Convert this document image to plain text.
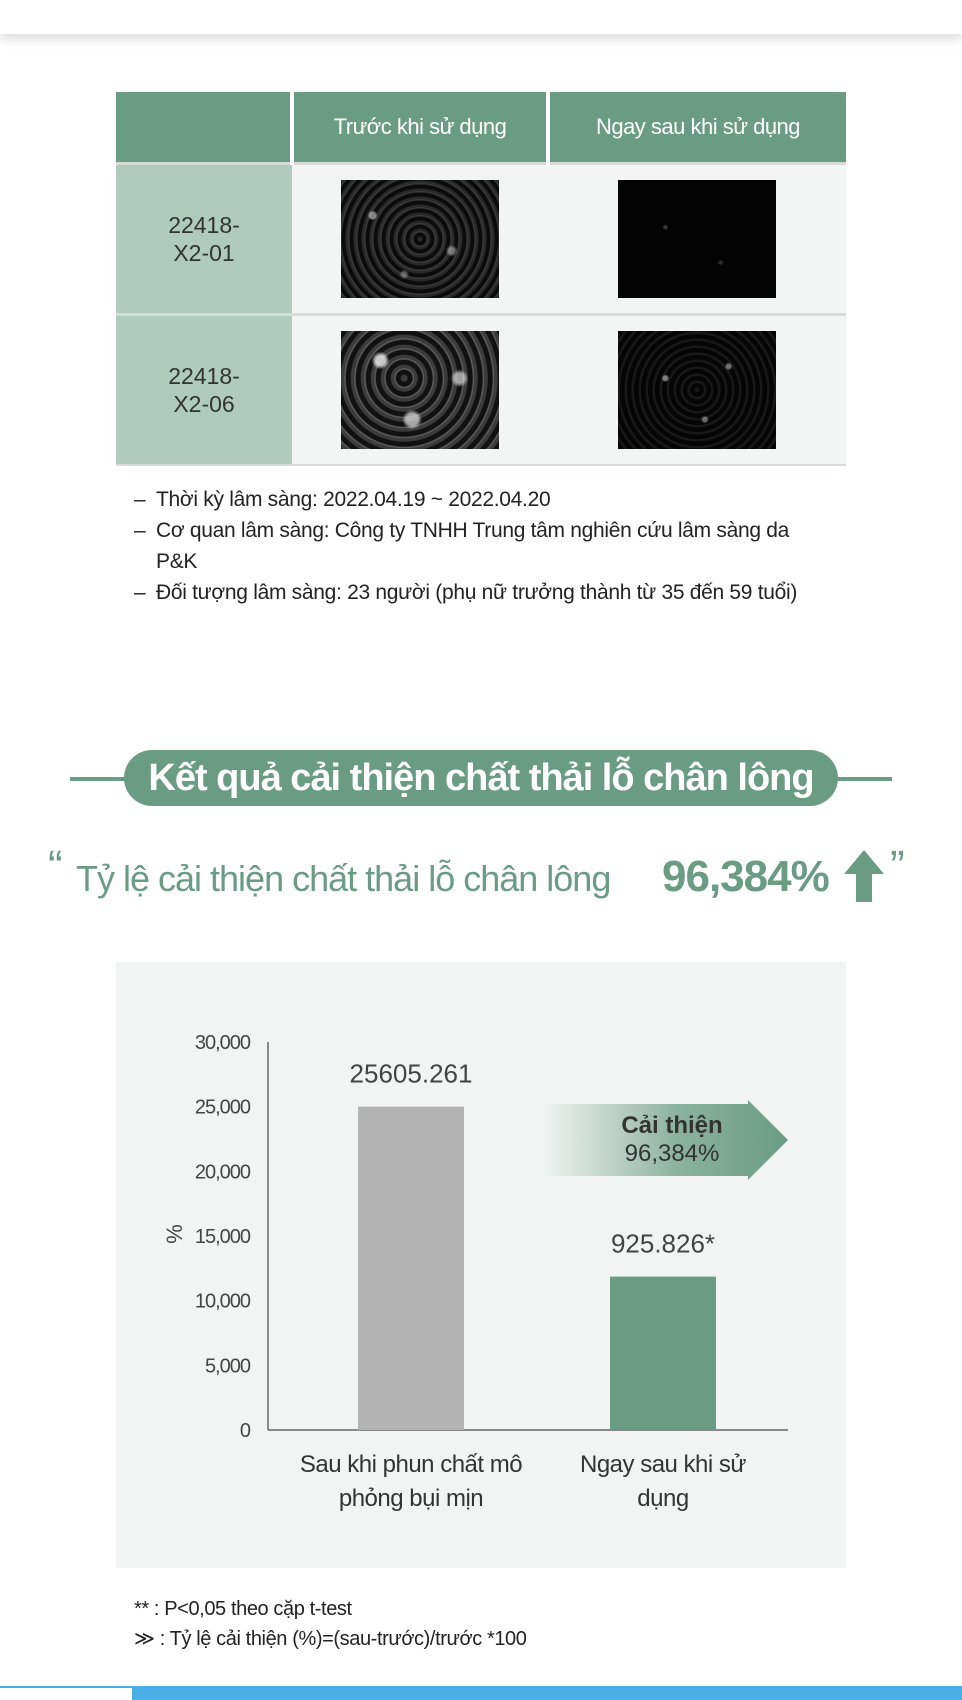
	Trước khi sử dụng	Ngay sau khi sử dụng
22418-
X2-01		
22418-
X2-06		
– Thời kỳ lâm sàng: 2022.04.19 ~ 2022.04.20
– Cơ quan lâm sàng: Công ty TNHH Trung tâm nghiên cứu lâm sàng da P&K
– Đối tượng lâm sàng: 23 người (phụ nữ trưởng thành từ 35 đến 59 tuổi)
Kết quả cải thiện chất thải lỗ chân lông
“ Tỷ lệ cải thiện chất thải lỗ chân lông 96,384% ”
0
5,000
10,000
15,000
20,000
25,000
30,000
%
25605.261
Sau khi phun chất mô
phỏng bụi mịn
925.826*
Ngay sau khi sử
dụng
Cải thiện
96,384%
** : P<0,05 theo cặp t-test
≫ : Tỷ lệ cải thiện (%)=(sau-trước)/trước *100
